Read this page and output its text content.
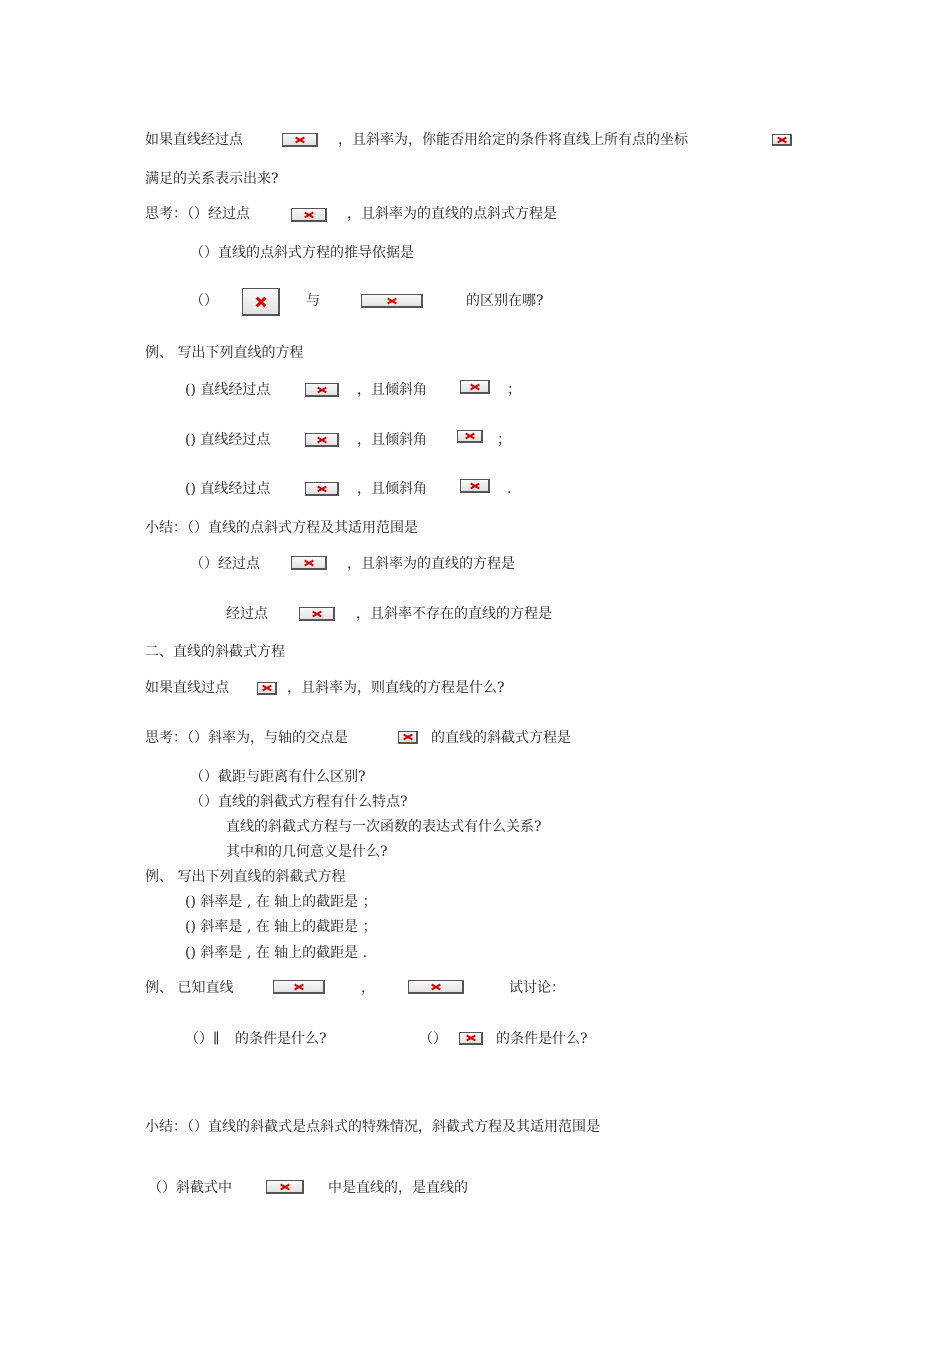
如果直线经过点	，且斜率为，你能否用给定的条件将直线上所有点的坐标
满足的关系表示出来?
思考：（）经过点	，且斜率为的直线的点斜式方程是
（）直线的点斜式方程的推导依据是
（）	与	的区别在哪?
例、 写出下列直线的方程
() 直线经过点	，且倾斜角	；
() 直线经过点	，且倾斜角	；
() 直线经过点	，且倾斜角	.
小结：（）直线的点斜式方程及其适用范围是
（）经过点	，且斜率为的直线的方程是
经过点	，且斜率不存在的直线的方程是
二、直线的斜截式方程
如果直线过点	，且斜率为，则直线的方程是什么?
思考：（）斜率为，与轴的交点是	的直线的斜截式方程是
（）截距与距离有什么区别?
（）直线的斜截式方程有什么特点?
直线的斜截式方程与一次函数的表达式有什么关系?
其中和的几何意义是什么?
例、 写出下列直线的斜截式方程
() 斜率是 , 在 轴上的截距是 ；
() 斜率是 , 在 轴上的截距是 ；
() 斜率是 , 在 轴上的截距是 .
例、 已知直线	，	试讨论：
（）∥ 的条件是什么?	（）	的条件是什么?
小结：（）直线的斜截式是点斜式的特殊情况，斜截式方程及其适用范围是
（）斜截式中	中是直线的，是直线的
